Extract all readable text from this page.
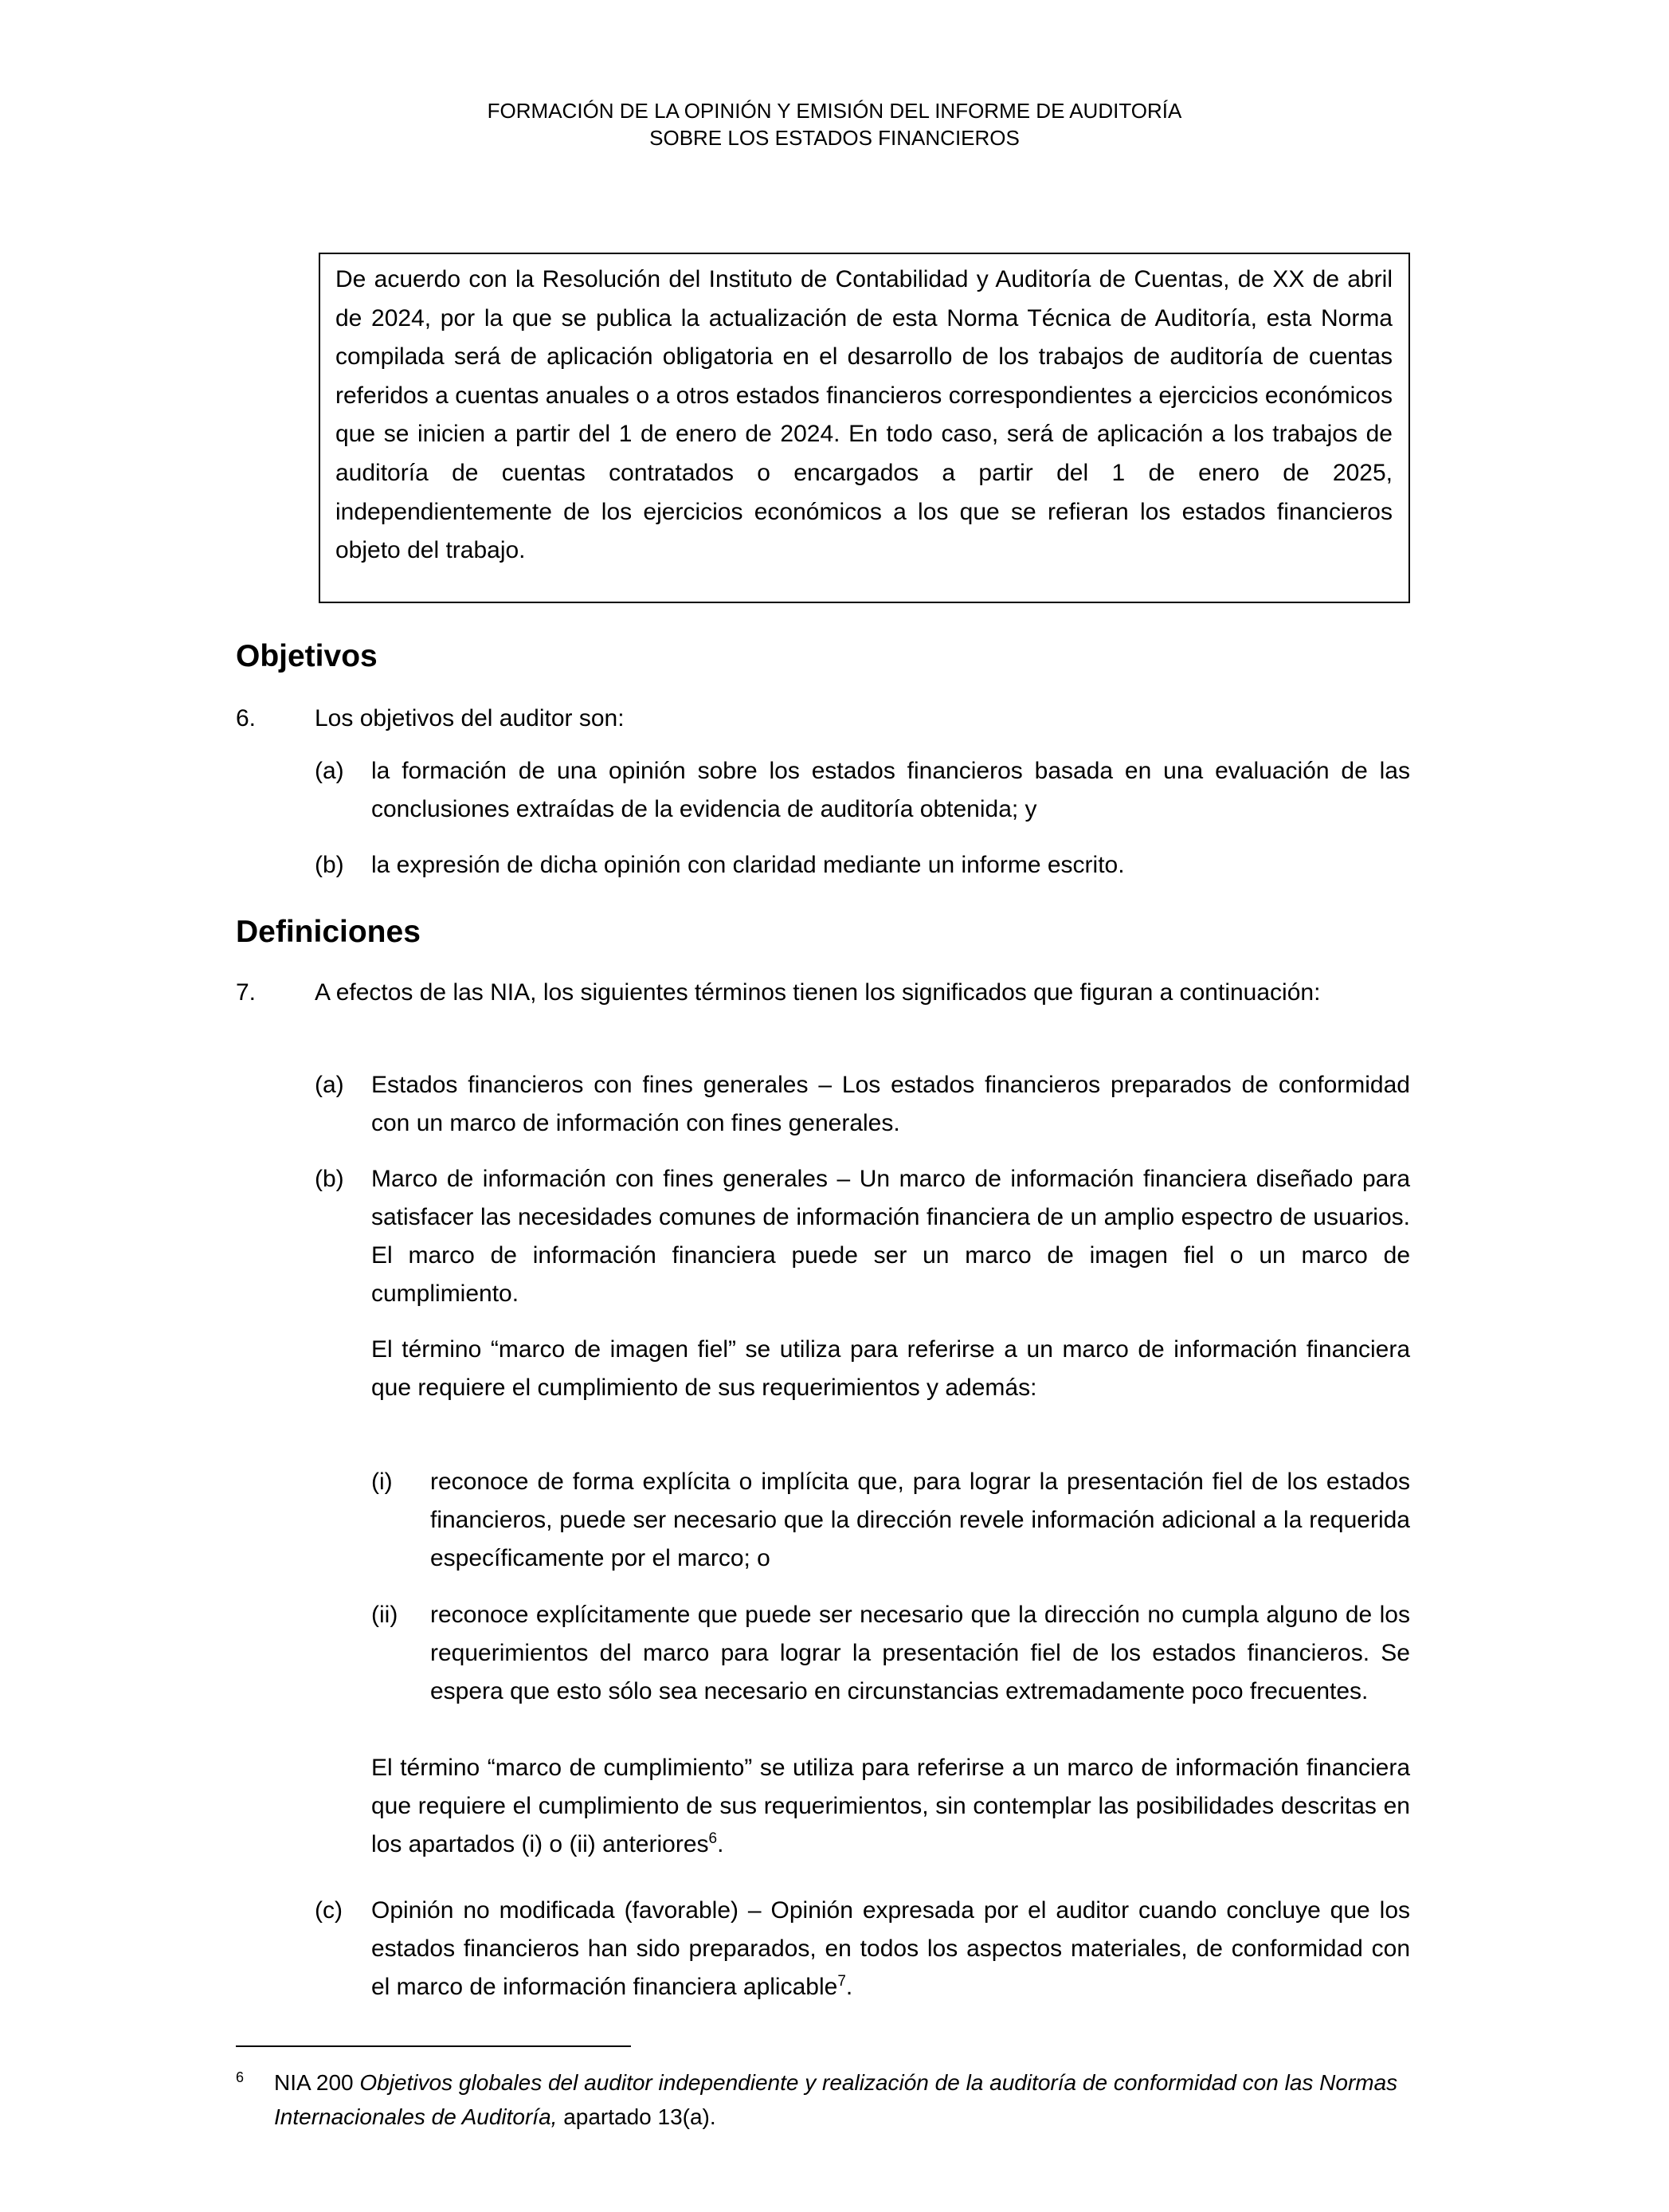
FORMACIÓN DE LA OPINIÓN Y EMISIÓN DEL INFORME DE AUDITORÍA
SOBRE LOS ESTADOS FINANCIEROS
De acuerdo con la Resolución del Instituto de Contabilidad y Auditoría de Cuentas, de XX de abril de 2024, por la que se publica la actualización de esta Norma Técnica de Auditoría, esta Norma compilada será de aplicación obligatoria en el desarrollo de los trabajos de auditoría de cuentas referidos a cuentas anuales o a otros estados financieros correspondientes a ejercicios económicos que se inicien a partir del 1 de enero de 2024. En todo caso, será de aplicación a los trabajos de auditoría de cuentas contratados o encargados a partir del 1 de enero de 2025, independientemente de los ejercicios económicos a los que se refieran los estados financieros objeto del trabajo.
Objetivos
6. Los objetivos del auditor son:
(a) la formación de una opinión sobre los estados financieros basada en una evaluación de las conclusiones extraídas de la evidencia de auditoría obtenida; y
(b) la expresión de dicha opinión con claridad mediante un informe escrito.
Definiciones
7. A efectos de las NIA, los siguientes términos tienen los significados que figuran a continuación:
(a) Estados financieros con fines generales – Los estados financieros preparados de conformidad con un marco de información con fines generales.
(b) Marco de información con fines generales – Un marco de información financiera diseñado para satisfacer las necesidades comunes de información financiera de un amplio espectro de usuarios. El marco de información financiera puede ser un marco de imagen fiel o un marco de cumplimiento.
El término “marco de imagen fiel” se utiliza para referirse a un marco de información financiera que requiere el cumplimiento de sus requerimientos y además:
(i) reconoce de forma explícita o implícita que, para lograr la presentación fiel de los estados financieros, puede ser necesario que la dirección revele información adicional a la requerida específicamente por el marco; o
(ii) reconoce explícitamente que puede ser necesario que la dirección no cumpla alguno de los requerimientos del marco para lograr la presentación fiel de los estados financieros. Se espera que esto sólo sea necesario en circunstancias extremadamente poco frecuentes.
El término “marco de cumplimiento” se utiliza para referirse a un marco de información financiera que requiere el cumplimiento de sus requerimientos, sin contemplar las posibilidades descritas en los apartados (i) o (ii) anteriores$^6$.
(c) Opinión no modificada (favorable) – Opinión expresada por el auditor cuando concluye que los estados financieros han sido preparados, en todos los aspectos materiales, de conformidad con el marco de información financiera aplicable$^7$.
6 NIA 200 Objetivos globales del auditor independiente y realización de la auditoría de conformidad con las Normas Internacionales de Auditoría, apartado 13(a).
